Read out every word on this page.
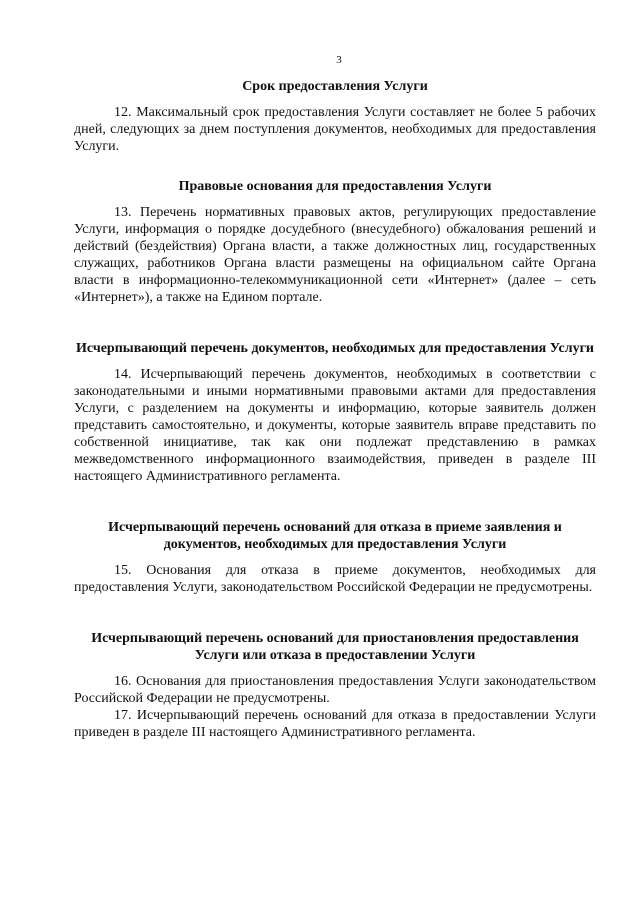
3
Срок предоставления Услуги

12. Максимальный срок предоставления Услуги составляет не более 5 рабочих дней, следующих за днем поступления документов, необходимых для предоставления Услуги.

Правовые основания для предоставления Услуги

13. Перечень нормативных правовых актов, регулирующих предоставление Услуги, информация о порядке досудебного (внесудебного) обжалования решений и действий (бездействия) Органа власти, а также должностных лиц, государственных служащих, работников Органа власти размещены на официальном сайте Органа власти в информационно-телекоммуникационной сети «Интернет» (далее – сеть «Интернет»), а также на Едином портале.

Исчерпывающий перечень документов, необходимых для предоставления Услуги

14. Исчерпывающий перечень документов, необходимых в соответствии с законодательными и иными нормативными правовыми актами для предоставления Услуги, с разделением на документы и информацию, которые заявитель должен представить самостоятельно, и документы, которые заявитель вправе представить по собственной инициативе, так как они подлежат представлению в рамках межведомственного информационного взаимодействия, приведен в разделе III настоящего Административного регламента.

Исчерпывающий перечень оснований для отказа в приеме заявления и документов, необходимых для предоставления Услуги

15. Основания для отказа в приеме документов, необходимых для предоставления Услуги, законодательством Российской Федерации не предусмотрены.

Исчерпывающий перечень оснований для приостановления предоставления Услуги или отказа в предоставлении Услуги

16. Основания для приостановления предоставления Услуги законодательством Российской Федерации не предусмотрены.

17. Исчерпывающий перечень оснований для отказа в предоставлении Услуги приведен в разделе III настоящего Административного регламента.
